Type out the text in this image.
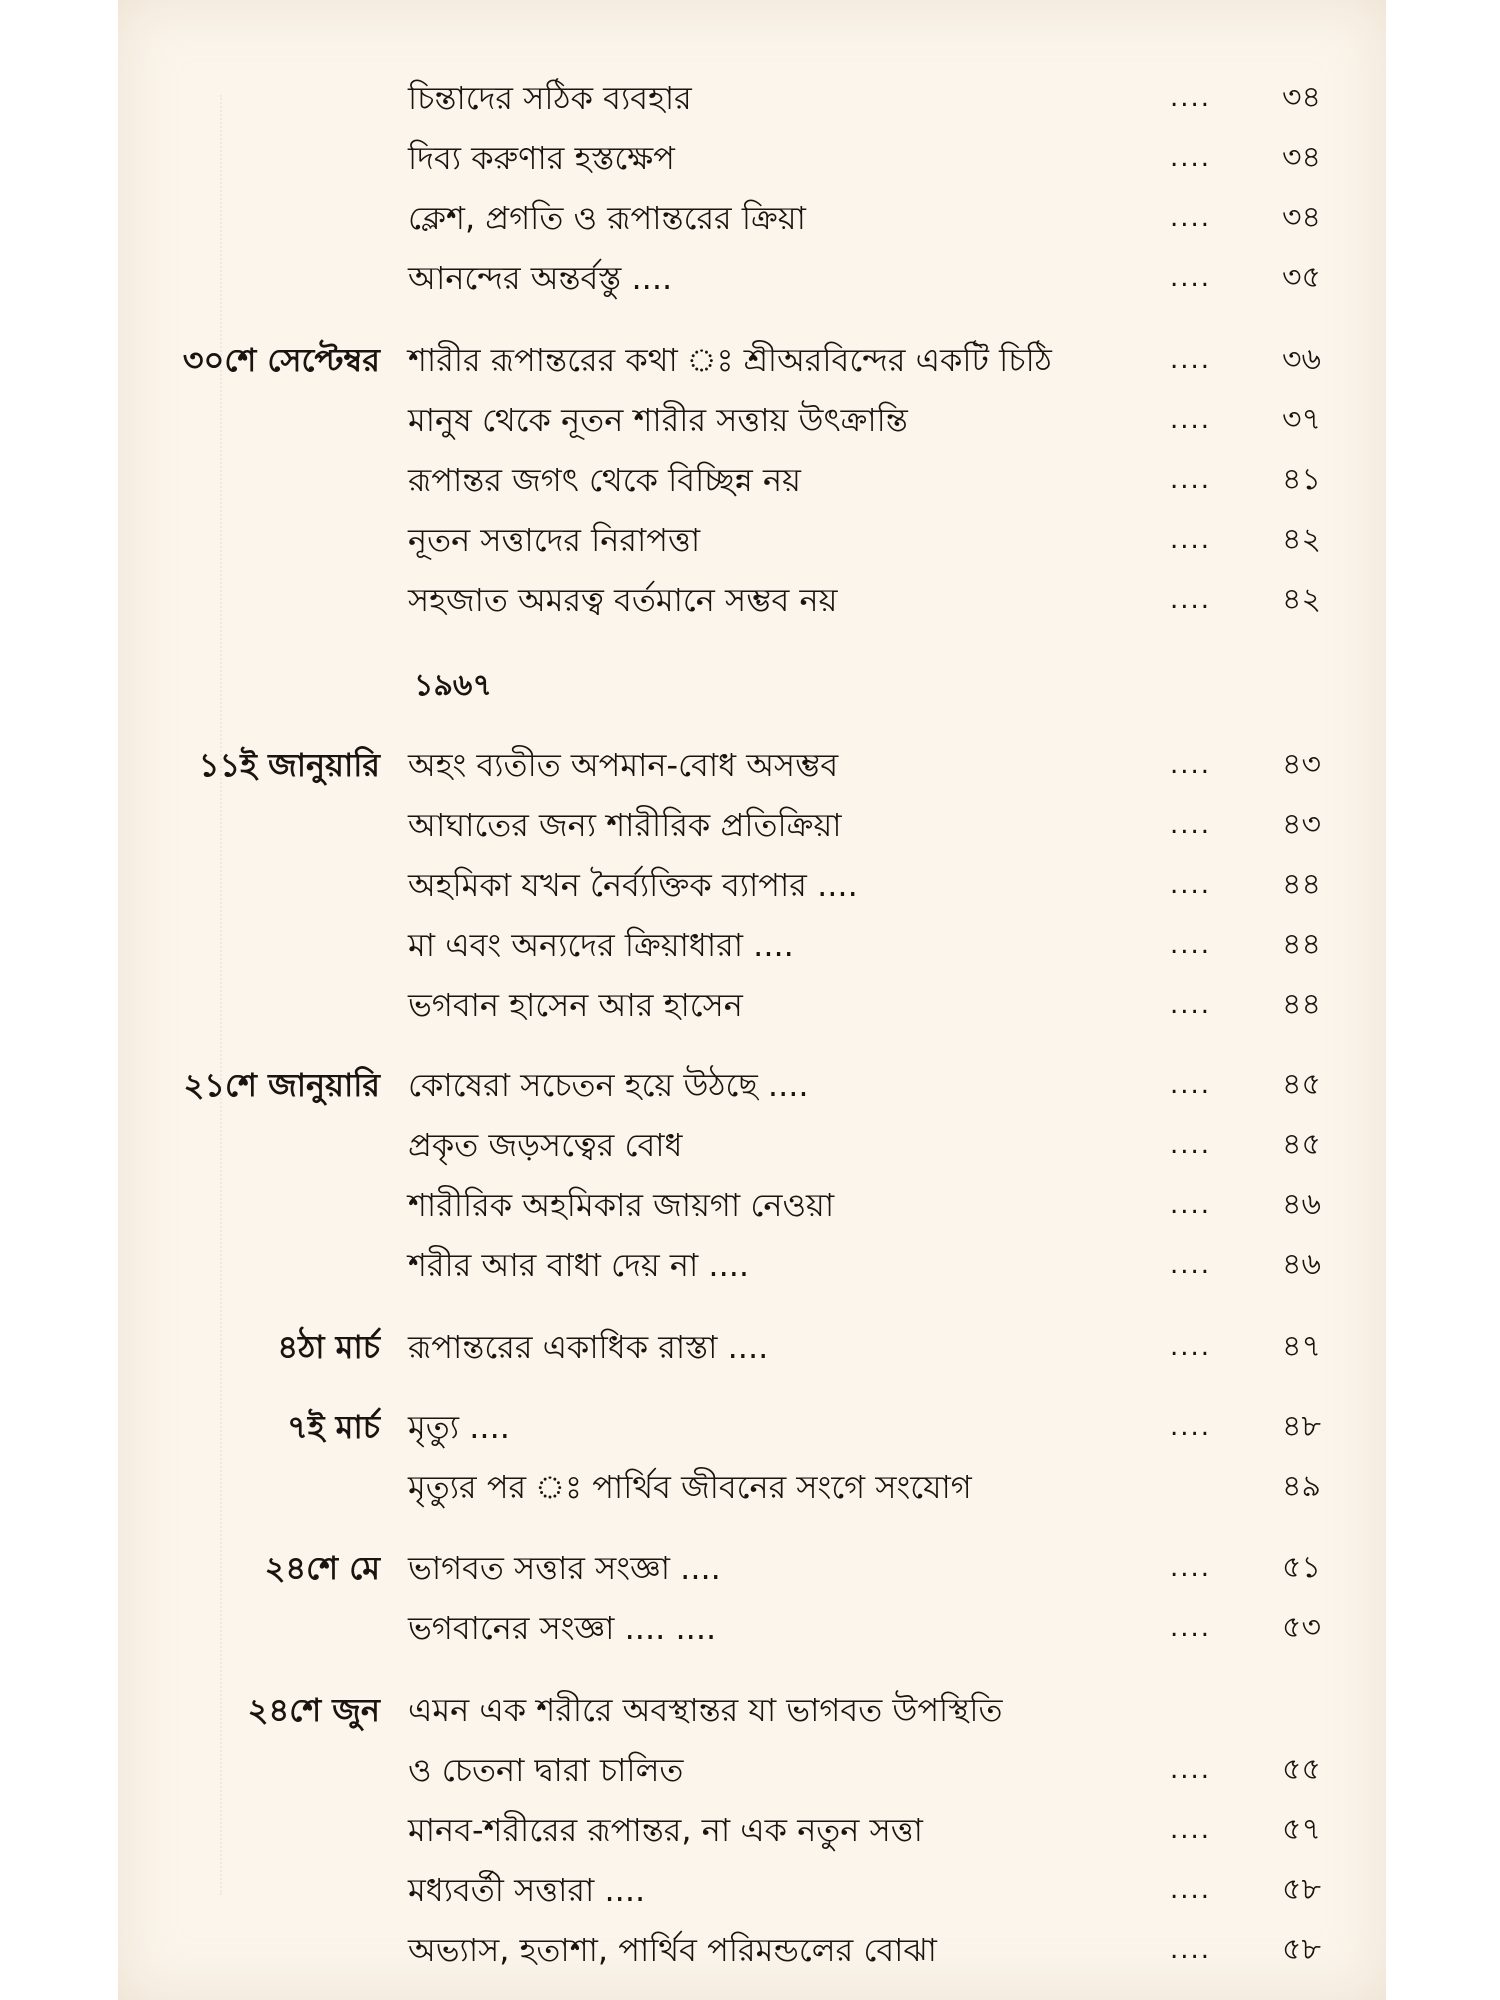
চিন্তাদের সঠিক ব্যবহার	.... ৩৪
দিব্য করুণার হস্তক্ষেপ	.... ৩৪
ক্লেশ, প্রগতি ও রূপান্তরের ক্রিয়া	.... ৩৪
আনন্দের অন্তর্বস্তু ....	.... ৩৫
৩০শে সেপ্টেম্বর শারীর রূপান্তরের কথা ঃ শ্রীঅরবিন্দের একটি চিঠি	.... ৩৬
মানুষ থেকে নূতন শারীর সত্তায় উৎক্রান্তি	.... ৩৭
রূপান্তর জগৎ থেকে বিচ্ছিন্ন নয়	.... ৪১
নূতন সত্তাদের নিরাপত্তা	.... ৪২
সহজাত অমরত্ব বর্তমানে সম্ভব নয়	.... ৪২
১৯৬৭
১১ই জানুয়ারি অহং ব্যতীত অপমান-বোধ অসম্ভব	.... ৪৩
আঘাতের জন্য শারীরিক প্রতিক্রিয়া	.... ৪৩
অহমিকা যখন নৈর্ব্যক্তিক ব্যাপার ....	.... ৪৪
মা এবং অন্যদের ক্রিয়াধারা ....	.... ৪৪
ভগবান হাসেন আর হাসেন	.... ৪৪
২১শে জানুয়ারি কোষেরা সচেতন হয়ে উঠছে ....	.... ৪৫
প্রকৃত জড়সত্বের বোধ	.... ৪৫
শারীরিক অহমিকার জায়গা নেওয়া	.... ৪৬
শরীর আর বাধা দেয় না ....	.... ৪৬
৪ঠা মার্চ রূপান্তরের একাধিক রাস্তা ....	.... ৪৭
৭ই মার্চ মৃত্যু ....	.... ৪৮
মৃত্যুর পর ঃ পার্থিব জীবনের সংগে সংযোগ	৪৯
২৪শে মে ভাগবত সত্তার সংজ্ঞা ....	.... ৫১
ভগবানের সংজ্ঞা .... ....	.... ৫৩
২৪শে জুন এমন এক শরীরে অবস্থান্তর যা ভাগবত উপস্থিতি
ও চেতনা দ্বারা চালিত	.... ৫৫
মানব-শরীরের রূপান্তর, না এক নতুন সত্তা	.... ৫৭
মধ্যবর্তী সত্তারা ....	.... ৫৮
অভ্যাস, হতাশা, পার্থিব পরিমন্ডলের বোঝা	.... ৫৮
